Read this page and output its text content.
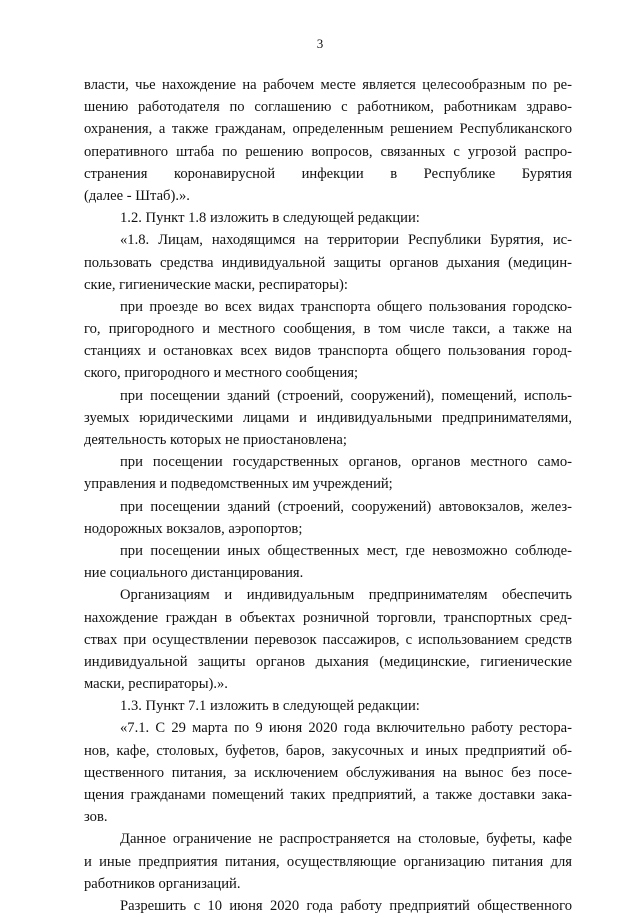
3
власти, чье нахождение на рабочем месте является целесообразным по ре-
шению работодателя по соглашению с работником, работникам здраво-
охранения, а также гражданам, определенным решением Республиканского
оперативного штаба по решению вопросов, связанных с угрозой распро-
странения коронавирусной инфекции в Республике Бурятия
(далее - Штаб).».
1.2. Пункт 1.8 изложить в следующей редакции:
«1.8. Лицам, находящимся на территории Республики Бурятия, ис-
пользовать средства индивидуальной защиты органов дыхания (медицин-
ские, гигиенические маски, респираторы):
при проезде во всех видах транспорта общего пользования городско-
го, пригородного и местного сообщения, в том числе такси, а также на
станциях и остановках всех видов транспорта общего пользования город-
ского, пригородного и местного сообщения;
при посещении зданий (строений, сооружений), помещений, исполь-
зуемых юридическими лицами и индивидуальными предпринимателями,
деятельность которых не приостановлена;
при посещении государственных органов, органов местного само-
управления и подведомственных им учреждений;
при посещении зданий (строений, сооружений) автовокзалов, желез-
нодорожных вокзалов, аэропортов;
при посещении иных общественных мест, где невозможно соблюде-
ние социального дистанцирования.
Организациям и индивидуальным предпринимателям обеспечить
нахождение граждан в объектах розничной торговли, транспортных сред-
ствах при осуществлении перевозок пассажиров, с использованием средств
индивидуальной защиты органов дыхания (медицинские, гигиенические
маски, респираторы).».
1.3. Пункт 7.1 изложить в следующей редакции:
«7.1. С 29 марта по 9 июня 2020 года включительно работу рестора-
нов, кафе, столовых, буфетов, баров, закусочных и иных предприятий об-
щественного питания, за исключением обслуживания на вынос без посе-
щения гражданами помещений таких предприятий, а также доставки зака-
зов.
Данное ограничение не распространяется на столовые, буфеты, кафе
и иные предприятия питания, осуществляющие организацию питания для
работников организаций.
Разрешить с 10 июня 2020 года работу предприятий общественного
